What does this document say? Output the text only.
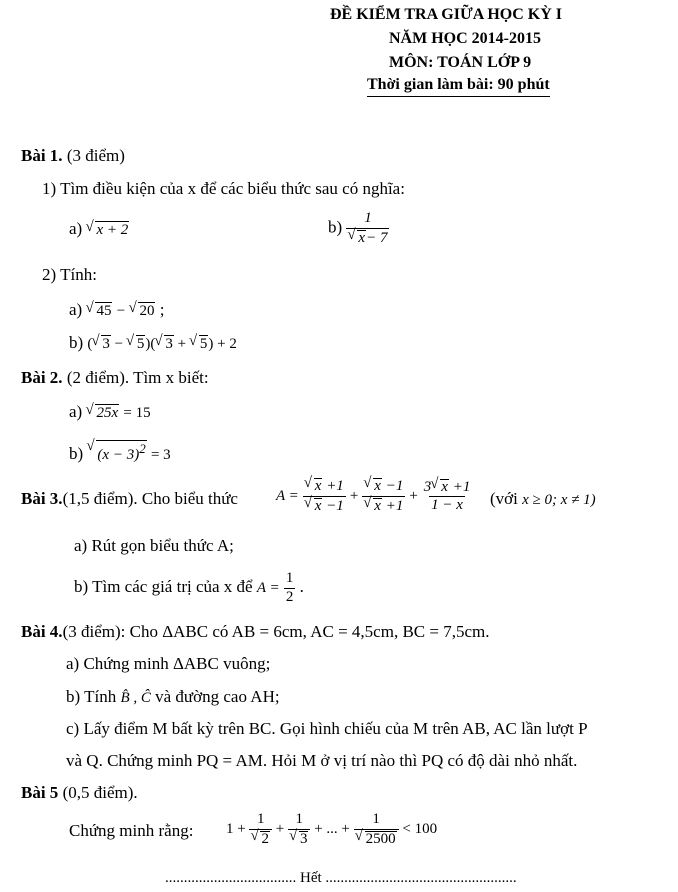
ĐỀ KIỂM TRA GIỮA HỌC KỲ I
NĂM HỌC 2014-2015
MÔN: TOÁN LỚP 9
Thời gian làm bài: 90 phút
Bài 1. (3 điểm)
1) Tìm điều kiện của x để các biểu thức sau có nghĩa:
a) √ x + 2	b) 1
√ x− 7
2) Tính:
a) √ 45 − √ 20 ;
b) ( √ 3 − √ 5)( √ 3 + √ 5) + 2
Bài 2. (2 điểm). Tìm x biết:
a) √ 25x = 15
b) √ $(x - 3)^2 = 3$
Bài 3.(1,5 điểm). Cho biểu thức	A = √ x +1
√ x −1 + √ x −1
√ $x +1 + \frac{3 √ x +1}{1 - x}$ (với x ≥ 0; x ≠ 1)
a) Rút gọn biểu thức A;
b) Tìm các giá trị của x để $A = \frac{1}{2}$ .
Bài 4.(3 điểm): Cho ΔABC có AB = 6cm, AC = 4,5cm, BC = 7,5cm.
a) Chứng minh ΔABC vuông;
b) Tính B̂ , Ĉ và đường cao AH;
c) Lấy điểm M bất kỳ trên BC. Gọi hình chiếu của M trên AB, AC lần lượt P
và Q. Chứng minh PQ = AM. Hỏi M ở vị trí nào thì PQ có độ dài nhỏ nhất.
Bài 5 (0,5 điểm).
Chứng minh rằng: 1 + 1
√ 2 + 1
√ 3 + ... + 1
√ 2500 < 100
................................... Hết ...................................................
